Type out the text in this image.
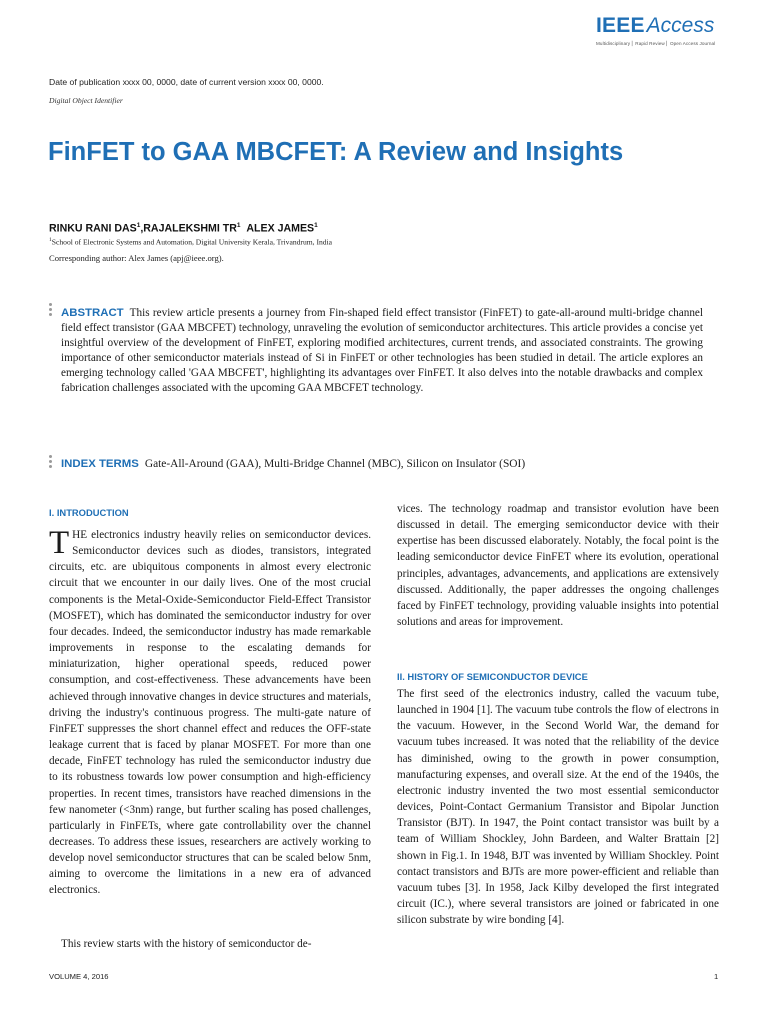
IEEEAccess
Multidisciplinary ⎢ Rapid Review ⎢ Open Access Journal
Date of publication xxxx 00, 0000, date of current version xxxx 00, 0000.
Digital Object Identifier
FinFET to GAA MBCFET: A Review and Insights
RINKU RANI DAS$^1$,RAJALEKSHMI $TR^1$ ALEX JAMES$^1$
$^1$School of Electronic Systems and Automation, Digital University Kerala, Trivandrum, India
Corresponding author: Alex James (apj@ieee.org).

ABSTRACT This review article presents a journey from Fin-shaped field effect transistor (FinFET) to gate-all-around multi-bridge channel field effect transistor (GAA MBCFET) technology, unraveling the evolution of semiconductor architectures. This article provides a concise yet insightful overview of the development of FinFET, exploring modified architectures, current trends, and associated constraints. The growing importance of other semiconductor materials instead of Si in FinFET or other technologies has been studied in detail. The article explores an emerging technology called 'GAA MBCFET', highlighting its advantages over FinFET. It also delves into the notable drawbacks and complex fabrication challenges associated with the upcoming GAA MBCFET technology.

INDEX TERMS Gate-All-Around (GAA), Multi-Bridge Channel (MBC), Silicon on Insulator (SOI)
I. INTRODUCTION

THE electronics industry heavily relies on semiconductor devices. Semiconductor devices such as diodes, transistors, integrated circuits, etc. are ubiquitous components in almost every electronic circuit that we encounter in our daily lives. One of the most crucial components is the Metal-Oxide-Semiconductor Field-Effect Transistor (MOSFET), which has dominated the semiconductor industry for over four decades. Indeed, the semiconductor industry has made remarkable improvements in response to the escalating demands for miniaturization, higher operational speeds, reduced power consumption, and cost-effectiveness. These advancements have been achieved through innovative changes in device structures and materials, driving the industry's continuous progress. The multi-gate nature of FinFET suppresses the short channel effect and reduces the OFF-state leakage current that is faced by planar MOSFET. For more than one decade, FinFET technology has ruled the semiconductor industry due to its robustness towards low power consumption and high-efficiency properties. In recent times, transistors have reached dimensions in the few nanometer (<3nm) range, but further scaling has posed challenges, particularly in FinFETs, where gate controllability over the channel decreases. To address these issues, researchers are actively working to develop novel semiconductor structures that can be scaled below 5nm, aiming to overcome the limitations in a new era of advanced electronics.

This review starts with the history of semiconductor de-

vices. The technology roadmap and transistor evolution have been discussed in detail. The emerging semiconductor device with their expertise has been discussed elaborately. Notably, the focal point is the leading semiconductor device FinFET where its evolution, operational principles, advantages, advancements, and applications are extensively discussed. Additionally, the paper addresses the ongoing challenges faced by FinFET technology, providing valuable insights into potential solutions and areas for improvement.

II. HISTORY OF SEMICONDUCTOR DEVICE

The first seed of the electronics industry, called the vacuum tube, launched in 1904 [1]. The vacuum tube controls the flow of electrons in the vacuum. However, in the Second World War, the demand for vacuum tubes increased. It was noted that the reliability of the device has diminished, owing to the growth in power consumption, manufacturing expenses, and overall size. At the end of the 1940s, the electronic industry invented the two most essential semiconductor devices, Point-Contact Germanium Transistor and Bipolar Junction Transistor (BJT). In 1947, the Point contact transistor was built by a team of William Shockley, John Bardeen, and Walter Brattain [2] shown in Fig.1. In 1948, BJT was invented by William Shockley. Point contact transistors and BJTs are more power-efficient and reliable than vacuum tubes [3]. In 1958, Jack Kilby developed the first integrated circuit (IC.), where several transistors are joined or fabricated in one silicon substrate by wire bonding [4].

VOLUME 4, 2016	1
